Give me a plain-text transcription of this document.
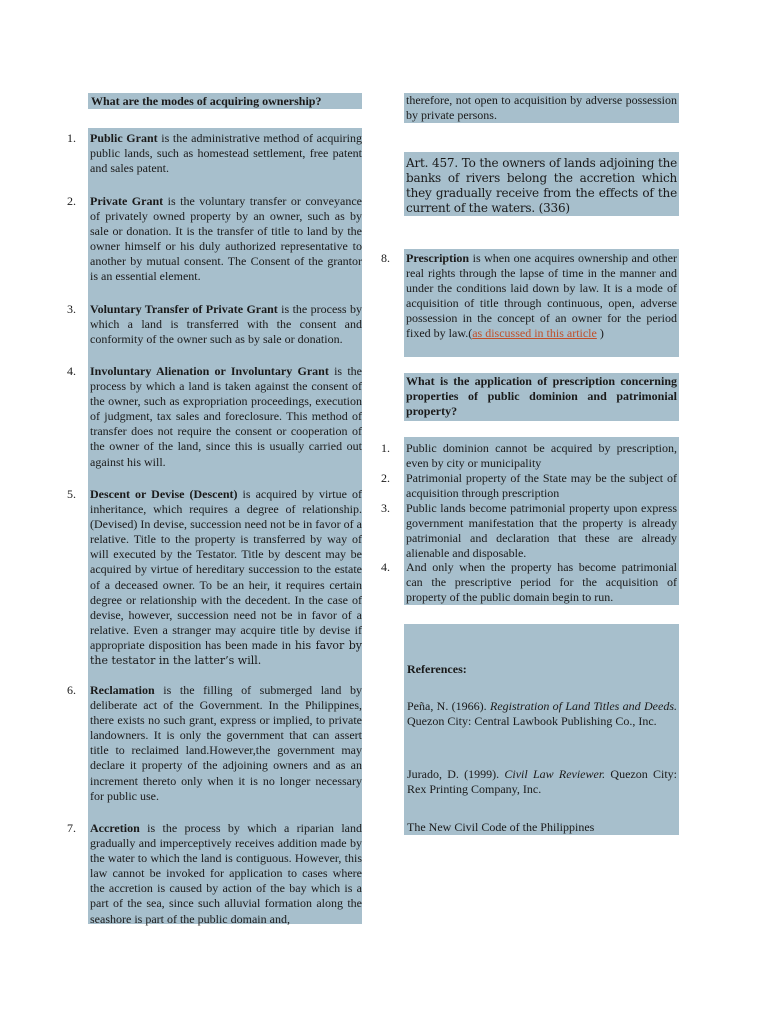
What are the modes of acquiring ownership?
1.	Public Grant is the administrative method of acquiring public lands, such as homestead settlement, free patent and sales patent.
2.	Private Grant is the voluntary transfer or conveyance of privately owned property by an owner, such as by sale or donation. It is the transfer of title to land by the owner himself or his duly authorized representative to another by mutual consent. The Consent of the grantor is an essential element.
3.	Voluntary Transfer of Private Grant is the process by which a land is transferred with the consent and conformity of the owner such as by sale or donation.
4.	Involuntary Alienation or Involuntary Grant is the process by which a land is taken against the consent of the owner, such as expropriation proceedings, execution of judgment, tax sales and foreclosure. This method of transfer does not require the consent or cooperation of the owner of the land, since this is usually carried out against his will.
5.	Descent or Devise (Descent) is acquired by virtue of inheritance, which requires a degree of relationship. (Devised) In devise, succession need not be in favor of a relative. Title to the property is transferred by way of will executed by the Testator. Title by descent may be acquired by virtue of hereditary succession to the estate of a deceased owner. To be an heir, it requires certain degree or relationship with the decedent. In the case of devise, however, succession need not be in favor of a relative. Even a stranger may acquire title by devise if appropriate disposition has been made in his favor by the testator in the latter’s will.
6.	Reclamation is the filling of submerged land by deliberate act of the Government. In the Philippines, there exists no such grant, express or implied, to private landowners. It is only the government that can assert title to reclaimed land.However,the government may declare it property of the adjoining owners and as an increment thereto only when it is no longer necessary for public use.
7.	Accretion is the process by which a riparian land gradually and imperceptively receives addition made by the water to which the land is contiguous. However, this law cannot be invoked for application to cases where the accretion is caused by action of the bay which is a part of the sea, since such alluvial formation along the seashore is part of the public domain and,
therefore, not open to acquisition by adverse possession by private persons.
Art. 457. To the owners of lands adjoining the banks of rivers belong the accretion which they gradually receive from the effects of the current of the waters. (336)
8.	Prescription is when one acquires ownership and other real rights through the lapse of time in the manner and under the conditions laid down by law. It is a mode of acquisition of title through continuous, open, adverse possession in the concept of an owner for the period fixed by law.(as discussed in this article )
What is the application of prescription concerning properties of public dominion and patrimonial property?
1.	Public dominion cannot be acquired by prescription, even by city or municipality
2.	Patrimonial property of the State may be the subject of acquisition through prescription
3.	Public lands become patrimonial property upon express government manifestation that the property is already patrimonial and declaration that these are already alienable and disposable.
4.	And only when the property has become patrimonial can the prescriptive period for the acquisition of property of the public domain begin to run.
References:
Peña, N. (1966). Registration of Land Titles and Deeds. Quezon City: Central Lawbook Publishing Co., Inc.
Jurado, D. (1999). Civil Law Reviewer. Quezon City: Rex Printing Company, Inc.
The New Civil Code of the Philippines
